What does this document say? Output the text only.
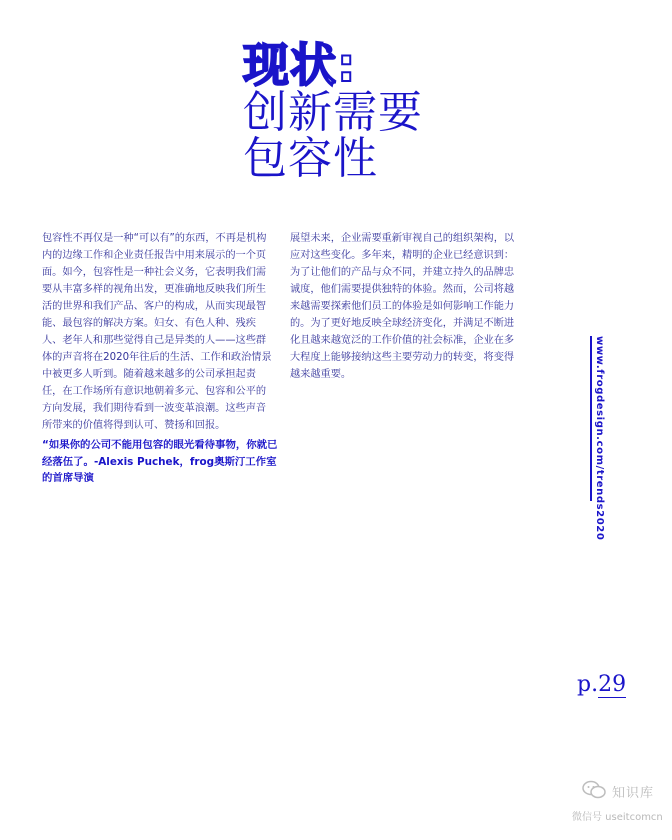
现状:
创新需要
包容性
包容性不再仅是一种“可以有”的东西，不再是机构内的边缘工作和企业责任报告中用来展示的一个页面。如今，包容性是一种社会义务，它表明我们需要从丰富多样的视角出发，更准确地反映我们所生活的世界和我们产品、客户的构成，从而实现最智能、最包容的解决方案。妇女、有色人种、残疾人、老年人和那些觉得自己是异类的人——这些群体的声音将在2020年往后的生活、工作和政治情景中被更多人听到。随着越来越多的公司承担起责任，在工作场所有意识地朝着多元、包容和公平的方向发展，我们期待看到一波变革浪潮。这些声音所带来的价值将得到认可、赞扬和回报。
展望未来，企业需要重新审视自己的组织架构，以应对这些变化。多年来，精明的企业已经意识到：为了让他们的产品与众不同，并建立持久的品牌忠诚度，他们需要提供独特的体验。然而，公司将越来越需要探索他们员工的体验是如何影响工作能力的。为了更好地反映全球经济变化，并满足不断进化且越来越宽泛的工作价值的社会标准，企业在多大程度上能够接纳这些主要劳动力的转变，将变得越来越重要。
“如果你的公司不能用包容的眼光看待事物，你就已经落伍了。-Alexis Puchek，frog奥斯汀工作室的首席导演	www.frogdesign.com/trends2020
p.29
知识库
微信号 useitcomcn
